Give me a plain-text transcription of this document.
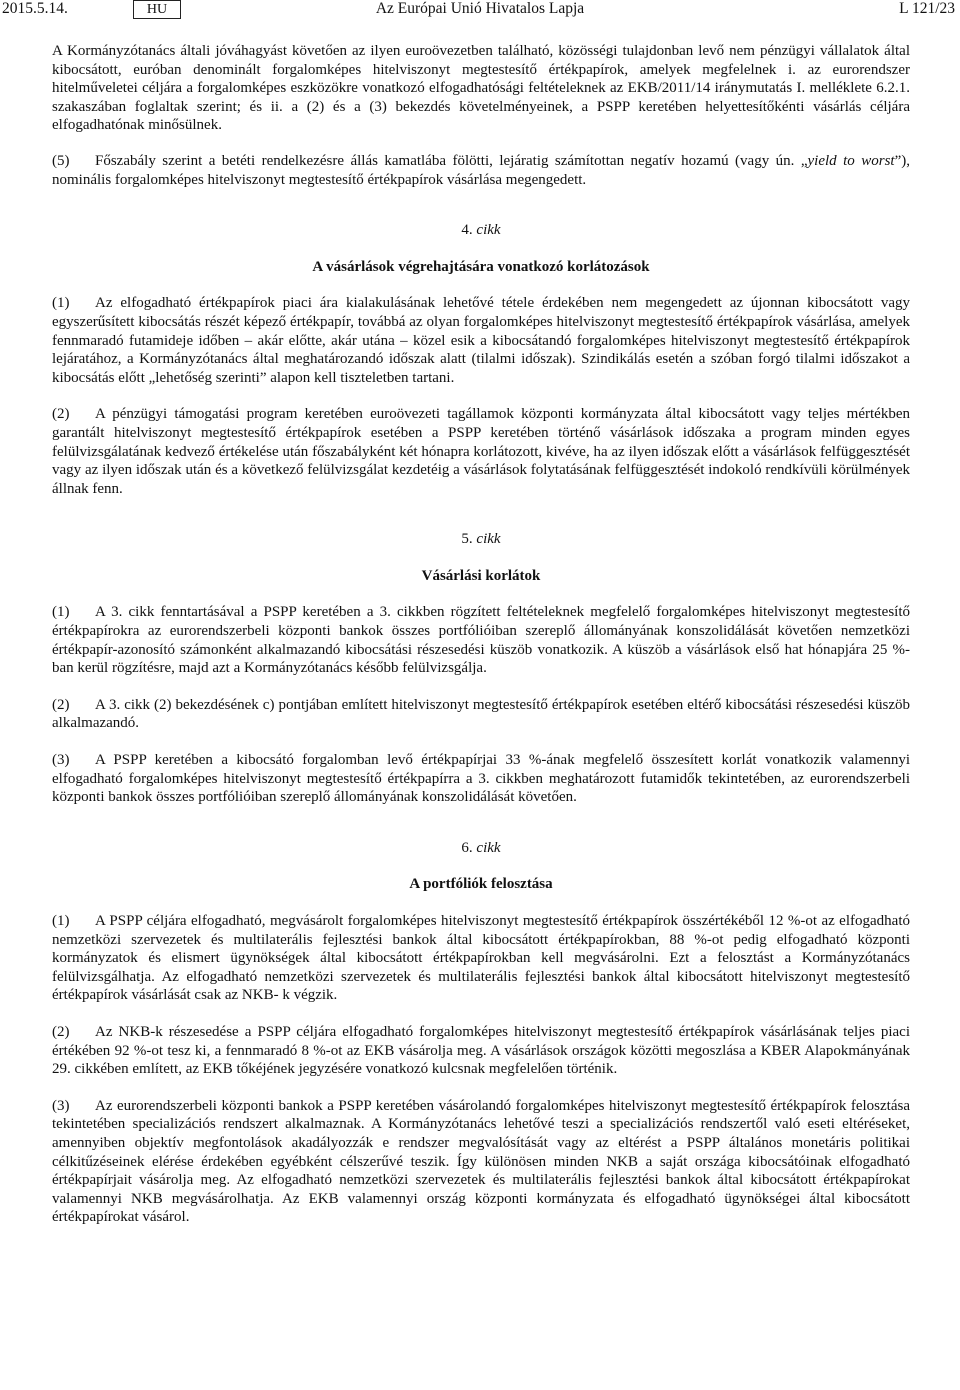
2015.5.14.	HU	Az Európai Unió Hivatalos Lapja	L 121/23

A Kormányzótanács általi jóváhagyást követően az ilyen euroövezetben található, közösségi tulajdonban levő nem pénzügyi vállalatok által kibocsátott, euróban denominált forgalomképes hitelviszonyt megtestesítő értékpapírok, amelyek megfelelnek i. az eurorendszer hitelműveletei céljára a forgalomképes eszközökre vonatkozó elfogadhatósági feltételeknek az EKB/2011/14 iránymutatás I. melléklete 6.2.1. szakaszában foglaltak szerint; és ii. a (2) és a (3) bekezdés követelményeinek, a PSPP keretében helyettesítőkénti vásárlás céljára elfogadhatónak minősülnek.

(5) Főszabály szerint a betéti rendelkezésre állás kamatlába fölötti, lejáratig számítottan negatív hozamú (vagy ún. „yield to worst”), nominális forgalomképes hitelviszonyt megtestesítő értékpapírok vásárlása megengedett.

4. cikk
A vásárlások végrehajtására vonatkozó korlátozások

(1) Az elfogadható értékpapírok piaci ára kialakulásának lehetővé tétele érdekében nem megengedett az újonnan kibocsátott vagy egyszerűsített kibocsátás részét képező értékpapír, továbbá az olyan forgalomképes hitelviszonyt megtestesítő értékpapírok vásárlása, amelyek fennmaradó futamideje időben – akár előtte, akár utána – közel esik a kibocsátandó forgalomképes hitelviszonyt megtestesítő értékpapírok lejáratához, a Kormányzótanács által meghatározandó időszak alatt (tilalmi időszak). Szindikálás esetén a szóban forgó tilalmi időszakot a kibocsátás előtt „lehetőség szerinti” alapon kell tiszteletben tartani.

(2) A pénzügyi támogatási program keretében euroövezeti tagállamok központi kormányzata által kibocsátott vagy teljes mértékben garantált hitelviszonyt megtestesítő értékpapírok esetében a PSPP keretében történő vásárlások időszaka a program minden egyes felülvizsgálatának kedvező értékelése után főszabályként két hónapra korlátozott, kivéve, ha az ilyen időszak előtt a vásárlások felfüggesztését vagy az ilyen időszak után és a következő felülvizsgálat kezdetéig a vásárlások folytatásának felfüggesztését indokoló rendkívüli körülmények állnak fenn.

5. cikk
Vásárlási korlátok

(1) A 3. cikk fenntartásával a PSPP keretében a 3. cikkben rögzített feltételeknek megfelelő forgalomképes hitelviszonyt megtestesítő értékpapírokra az eurorendszerbeli központi bankok összes portfólióiban szereplő állományának konszolidálását követően nemzetközi értékpapír-azonosító számonként alkalmazandó kibocsátási részesedési küszöb vonatkozik. A küszöb a vásárlások első hat hónapjára 25 %-ban kerül rögzítésre, majd azt a Kormányzótanács később felülvizsgálja.

(2) A 3. cikk (2) bekezdésének c) pontjában említett hitelviszonyt megtestesítő értékpapírok esetében eltérő kibocsátási részesedési küszöb alkalmazandó.

(3) A PSPP keretében a kibocsátó forgalomban levő értékpapírjai 33 %-ának megfelelő összesített korlát vonatkozik valamennyi elfogadható forgalomképes hitelviszonyt megtestesítő értékpapírra a 3. cikkben meghatározott futamidők tekintetében, az eurorendszerbeli központi bankok összes portfólióiban szereplő állományának konszolidálását követően.

6. cikk
A portfóliók felosztása

(1) A PSPP céljára elfogadható, megvásárolt forgalomképes hitelviszonyt megtestesítő értékpapírok összértékéből 12 %-ot az elfogadható nemzetközi szervezetek és multilaterális fejlesztési bankok által kibocsátott értékpapírokban, 88 %-ot pedig elfogadható központi kormányzatok és elismert ügynökségek által kibocsátott értékpapírokban kell megvásárolni. Ezt a felosztást a Kormányzótanács felülvizsgálhatja. Az elfogadható nemzetközi szervezetek és multilaterális fejlesztési bankok által kibocsátott hitelviszonyt megtestesítő értékpapírok vásárlását csak az NKB- k végzik.

(2) Az NKB-k részesedése a PSPP céljára elfogadható forgalomképes hitelviszonyt megtestesítő értékpapírok vásárlásának teljes piaci értékében 92 %-ot tesz ki, a fennmaradó 8 %-ot az EKB vásárolja meg. A vásárlások országok közötti megoszlása a KBER Alapokmányának 29. cikkében említett, az EKB tőkéjének jegyzésére vonatkozó kulcsnak megfelelően történik.

(3) Az eurorendszerbeli központi bankok a PSPP keretében vásárolandó forgalomképes hitelviszonyt megtestesítő értékpapírok felosztása tekintetében specializációs rendszert alkalmaznak. A Kormányzótanács lehetővé teszi a specializációs rendszertől való eseti eltéréseket, amennyiben objektív megfontolások akadályozzák e rendszer megvalósítását vagy az eltérést a PSPP általános monetáris politikai célkitűzéseinek elérése érdekében egyébként célszerűvé teszik. Így különösen minden NKB a saját országa kibocsátóinak elfogadható értékpapírjait vásárolja meg. Az elfogadható nemzetközi szervezetek és multilaterális fejlesztési bankok által kibocsátott értékpapírokat valamennyi NKB megvásárolhatja. Az EKB valamennyi ország központi kormányzata és elfogadható ügynökségei által kibocsátott értékpapírokat vásárol.
